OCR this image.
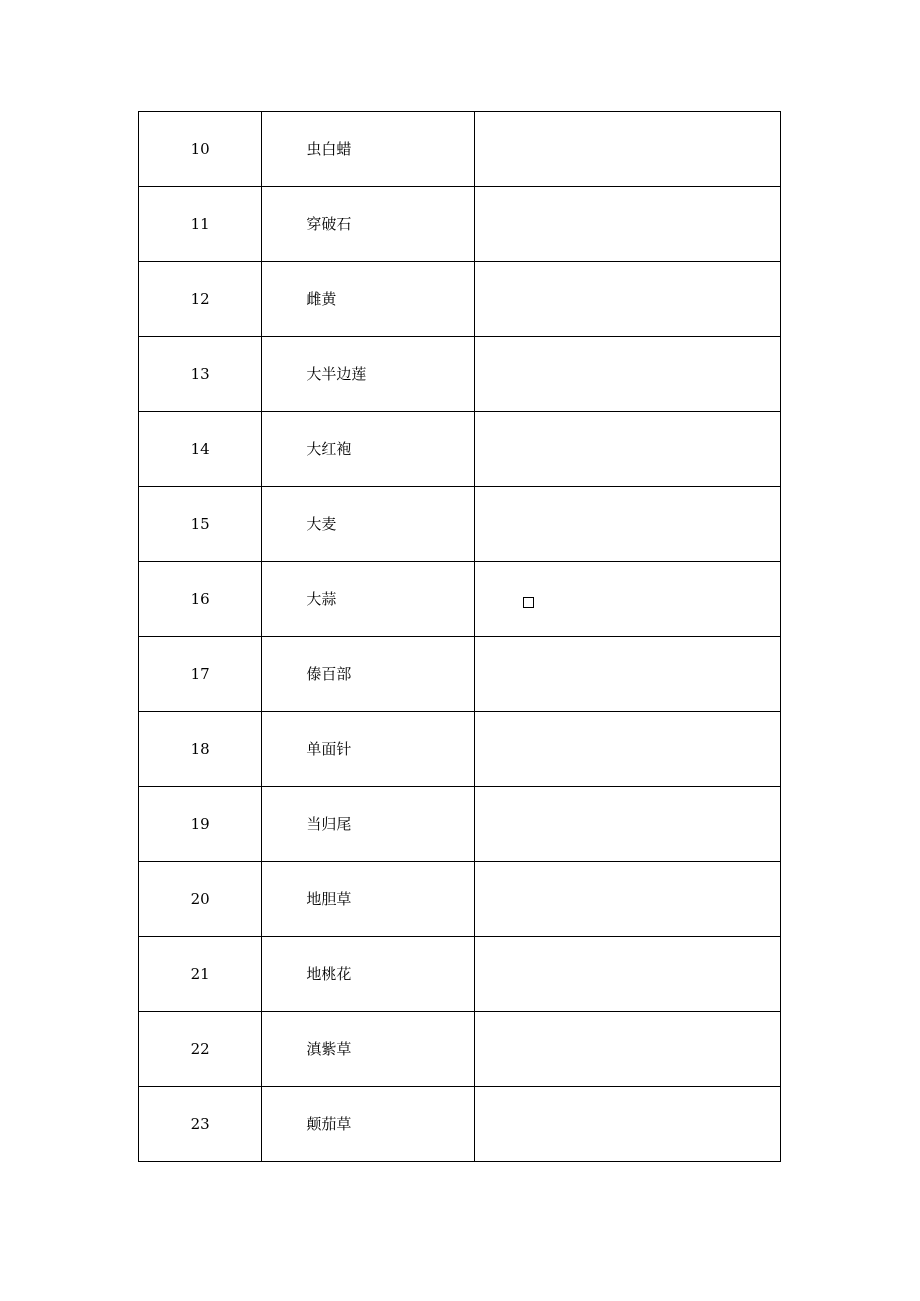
10	虫白蜡	
11	穿破石	
12	雌黄	
13	大半边莲	
14	大红袍	
15	大麦	
16	大蒜	
17	傣百部	
18	单面针	
19	当归尾	
20	地胆草	
21	地桃花	
22	滇紫草	
23	颠茄草	
